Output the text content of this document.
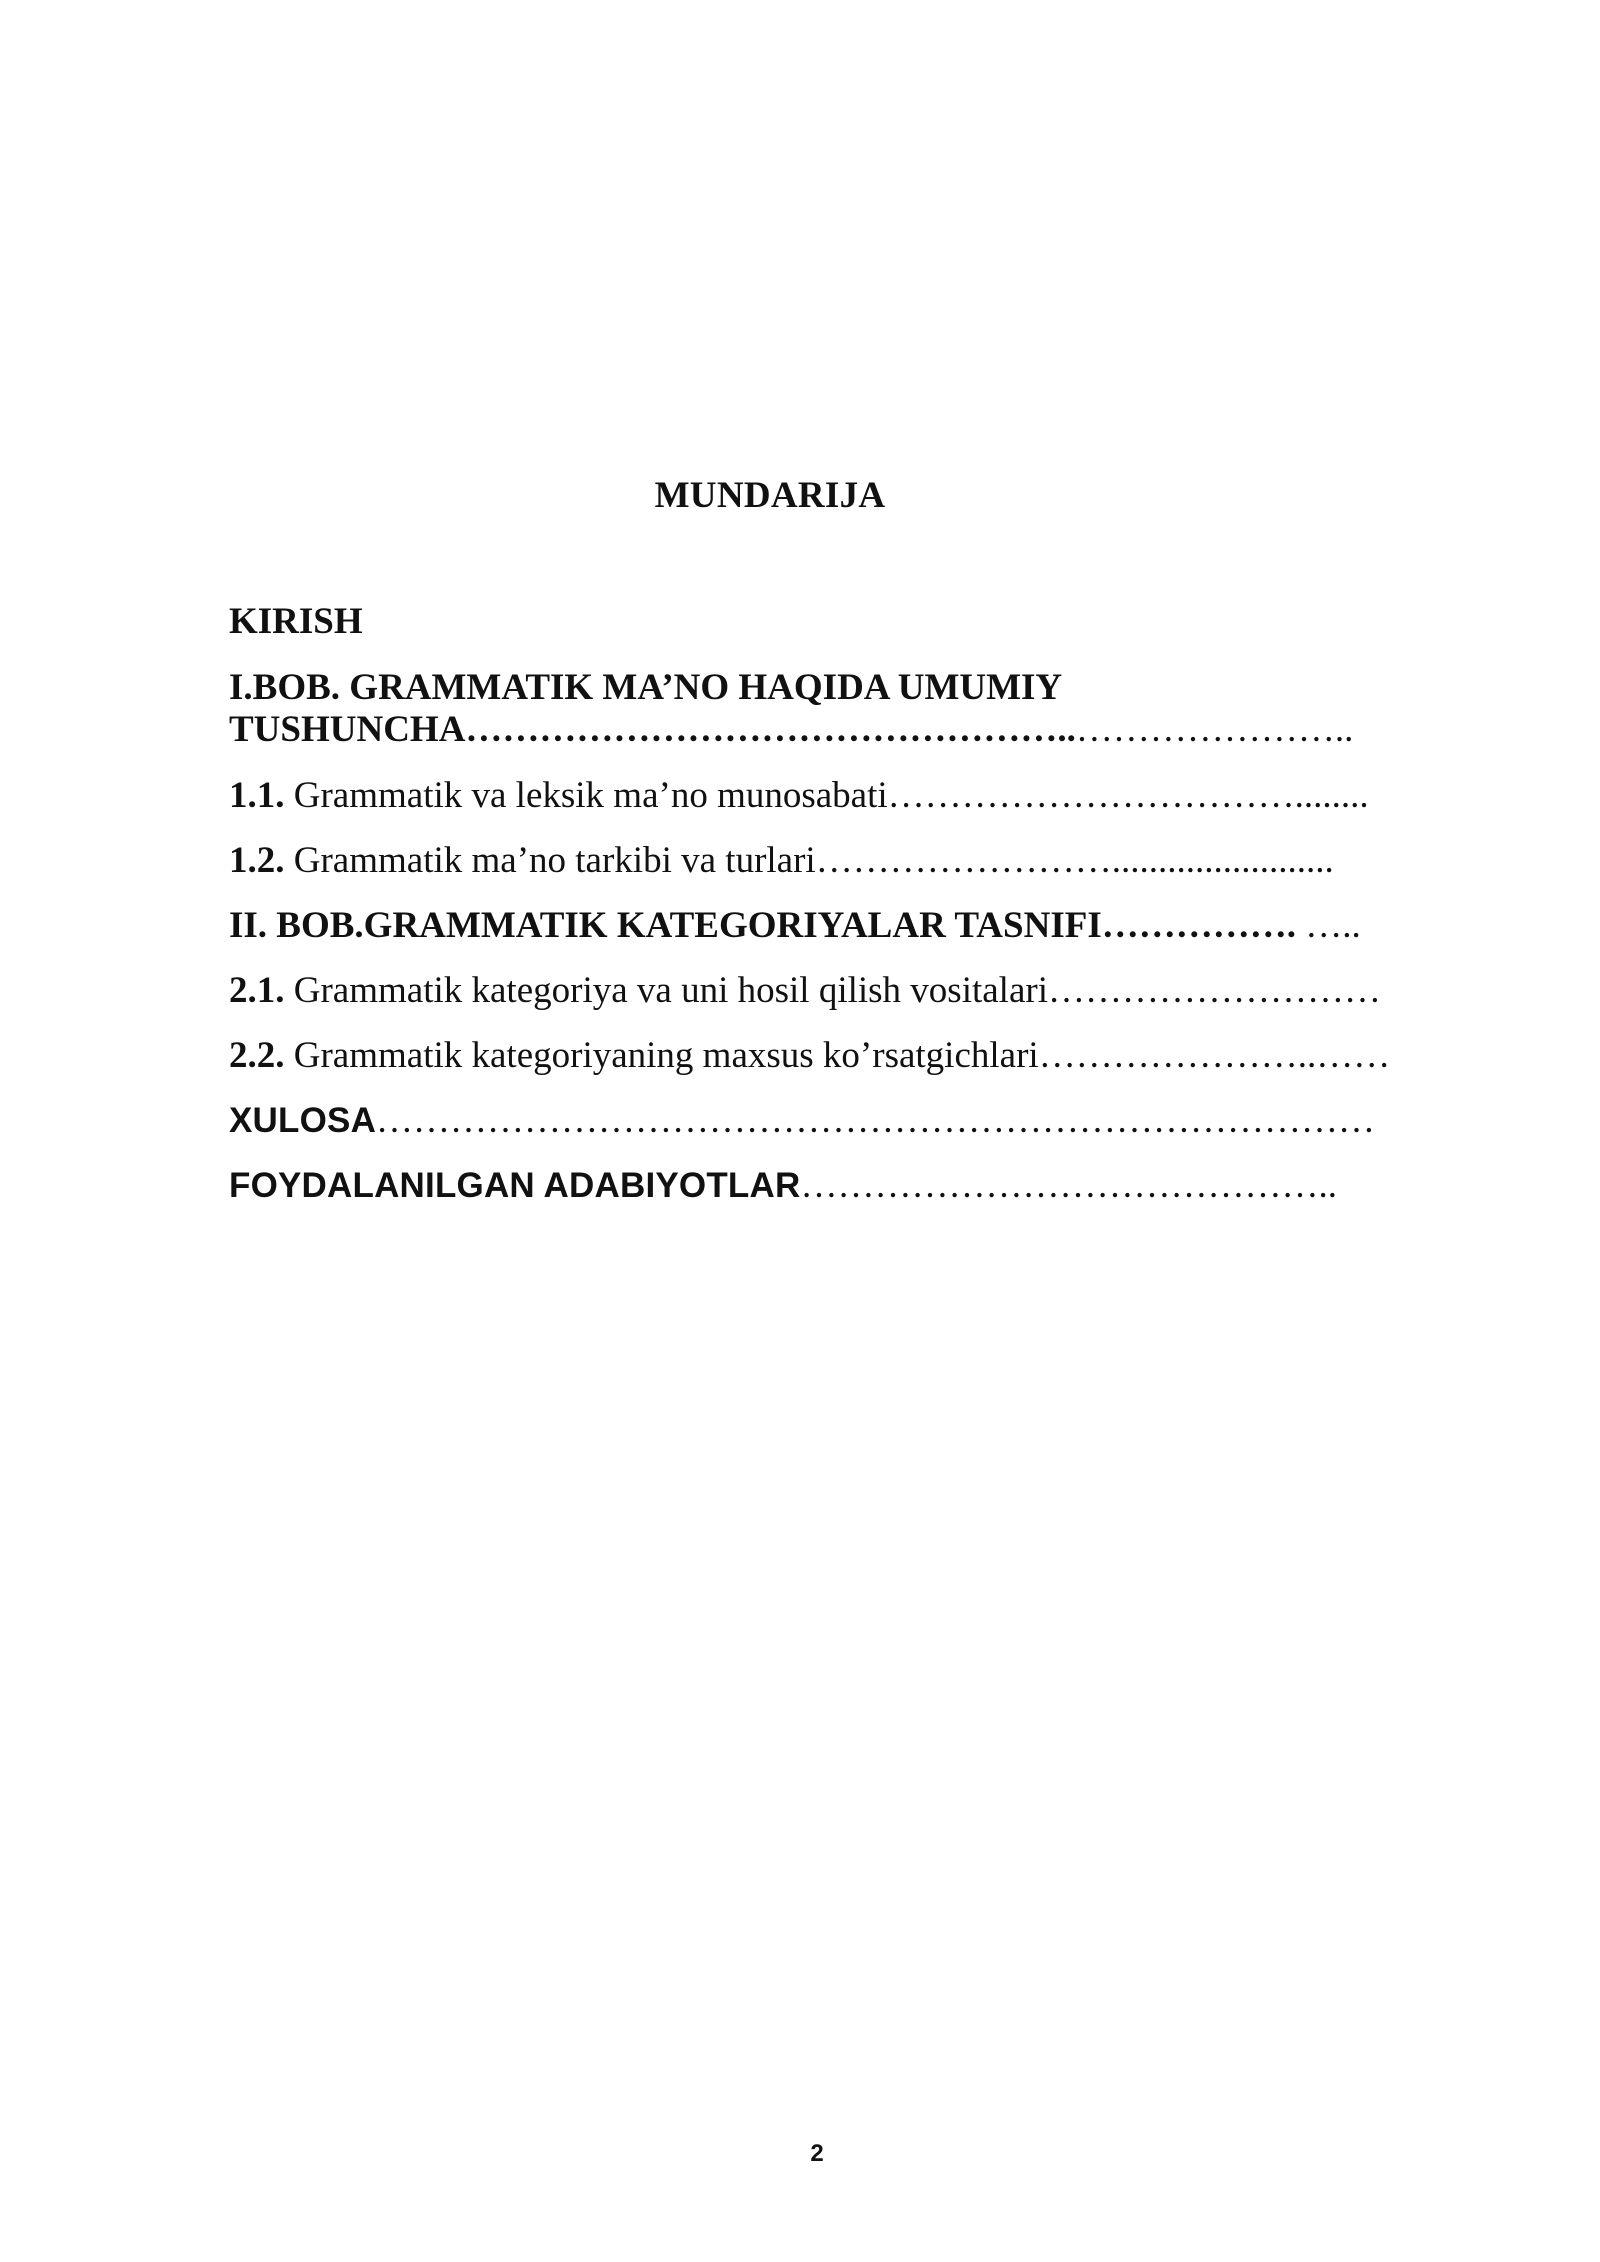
MUNDARIJA
KIRISH
I.BOB. GRAMMATIK MA’NO HAQIDA UMUMIY
TUSHUNCHA…………………………………………..…………………..
1.1. Grammatik va leksik ma’no munosabati……………………………........
1.2. Grammatik ma’no tarkibi va turlari……………………........................
II. BOB.GRAMMATIK KATEGORIYALAR TASNIFI……………. …..
2.1. Grammatik kategoriya va uni hosil qilish vositalari………………………
2.2. Grammatik kategoriyaning maxsus ko’rsatgichlari…………………..……
XULOSA………………………………………………………………………
FOYDALANILGAN ADABIYOTLAR……………………………………..
2
